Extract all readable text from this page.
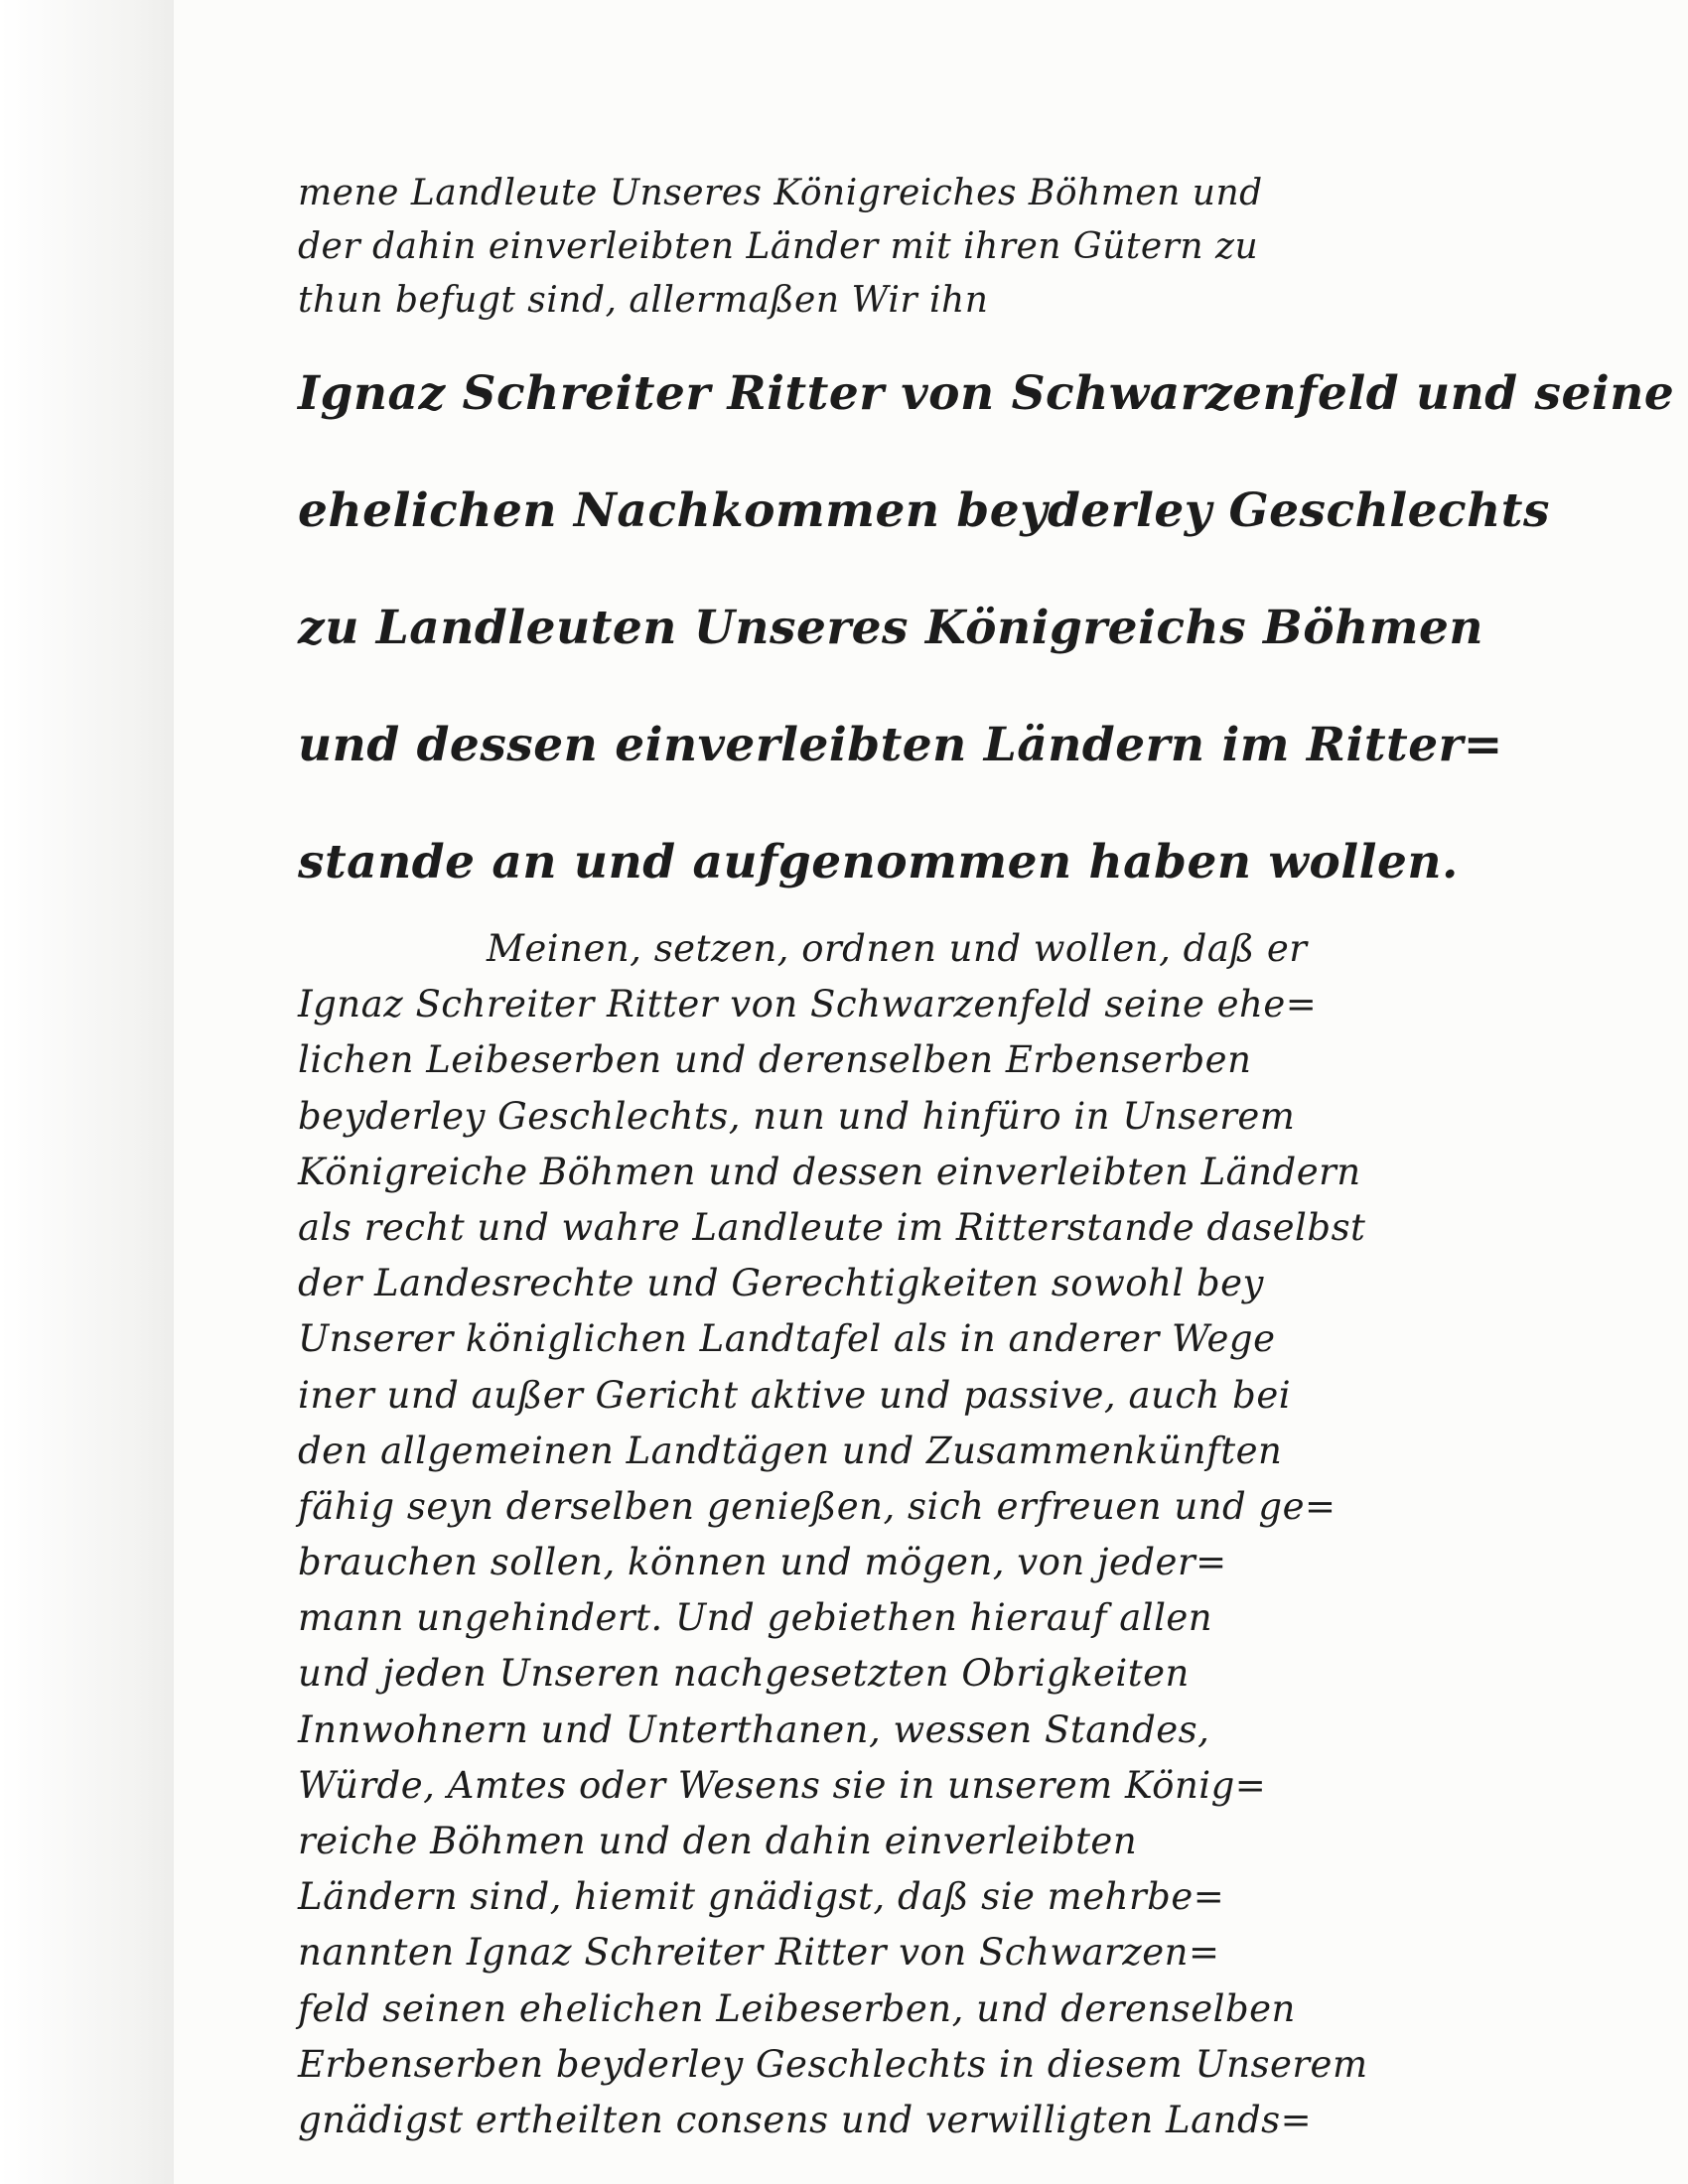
mene Landleute Unseres Königreiches Böhmen und
der dahin einverleibten Länder mit ihren Gütern zu
thun befugt sind, allermaßen Wir ihn
Ignaz Schreiter Ritter von Schwarzenfeld und seine
ehelichen Nachkommen beyderley Geschlechts
zu Landleuten Unseres Königreichs Böhmen
und dessen einverleibten Ländern im Ritter=
stande an und aufgenommen haben wollen.
Meinen, setzen, ordnen und wollen, daß er
Ignaz Schreiter Ritter von Schwarzenfeld seine ehe=
lichen Leibeserben und derenselben Erbenserben
beyderley Geschlechts, nun und hinfüro in Unserem
Königreiche Böhmen und dessen einverleibten Ländern
als recht und wahre Landleute im Ritterstande daselbst
der Landesrechte und Gerechtigkeiten sowohl bey
Unserer königlichen Landtafel als in anderer Wege
iner und außer Gericht aktive und passive, auch bei
den allgemeinen Landtägen und Zusammenkünften
fähig seyn derselben genießen, sich erfreuen und ge=
brauchen sollen, können und mögen, von jeder=
mann ungehindert. Und gebiethen hierauf allen
und jeden Unseren nachgesetzten Obrigkeiten
Innwohnern und Unterthanen, wessen Standes,
Würde, Amtes oder Wesens sie in unserem König=
reiche Böhmen und den dahin einverleibten
Ländern sind, hiemit gnädigst, daß sie mehrbe=
nannten Ignaz Schreiter Ritter von Schwarzen=
feld seinen ehelichen Leibeserben, und derenselben
Erbenserben beyderley Geschlechts in diesem Unserem
gnädigst ertheilten consens und verwilligten Lands=
